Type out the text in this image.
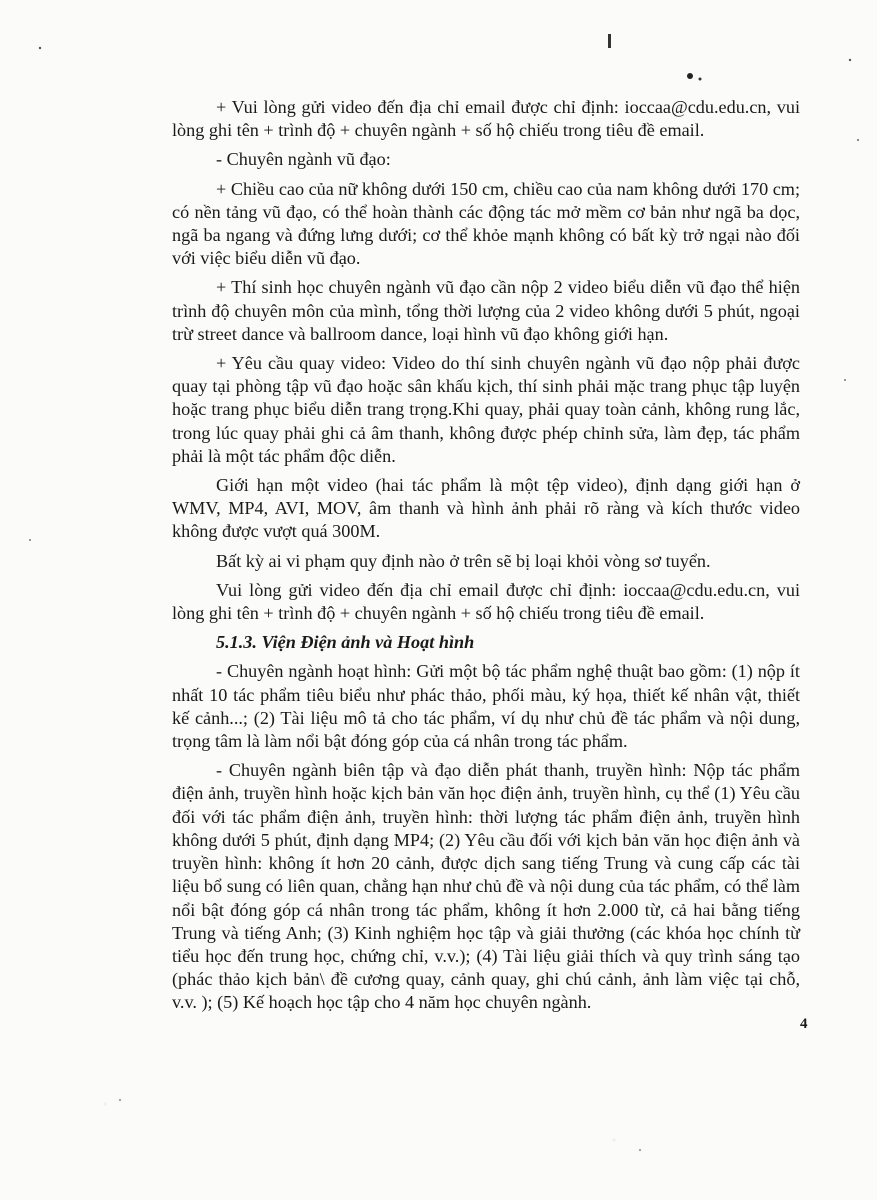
+ Vui lòng gửi video đến địa chỉ email được chỉ định: ioccaa@cdu.edu.cn, vui lòng ghi tên + trình độ + chuyên ngành + số hộ chiếu trong tiêu đề email.

- Chuyên ngành vũ đạo:

+ Chiều cao của nữ không dưới 150 cm, chiều cao của nam không dưới 170 cm; có nền tảng vũ đạo, có thể hoàn thành các động tác mở mềm cơ bản như ngã ba dọc, ngã ba ngang và đứng lưng dưới; cơ thể khỏe mạnh không có bất kỳ trở ngại nào đối với việc biểu diễn vũ đạo.

+ Thí sinh học chuyên ngành vũ đạo cần nộp 2 video biểu diễn vũ đạo thể hiện trình độ chuyên môn của mình, tổng thời lượng của 2 video không dưới 5 phút, ngoại trừ street dance và ballroom dance, loại hình vũ đạo không giới hạn.

+ Yêu cầu quay video: Video do thí sinh chuyên ngành vũ đạo nộp phải được quay tại phòng tập vũ đạo hoặc sân khấu kịch, thí sinh phải mặc trang phục tập luyện hoặc trang phục biểu diễn trang trọng.Khi quay, phải quay toàn cảnh, không rung lắc, trong lúc quay phải ghi cả âm thanh, không được phép chỉnh sửa, làm đẹp, tác phẩm phải là một tác phẩm độc diễn.

Giới hạn một video (hai tác phẩm là một tệp video), định dạng giới hạn ở WMV, MP4, AVI, MOV, âm thanh và hình ảnh phải rõ ràng và kích thước video không được vượt quá 300M.

Bất kỳ ai vi phạm quy định nào ở trên sẽ bị loại khỏi vòng sơ tuyển.

Vui lòng gửi video đến địa chỉ email được chỉ định: ioccaa@cdu.edu.cn, vui lòng ghi tên + trình độ + chuyên ngành + số hộ chiếu trong tiêu đề email.

5.1.3. Viện Điện ảnh và Hoạt hình

- Chuyên ngành hoạt hình: Gửi một bộ tác phẩm nghệ thuật bao gồm: (1) nộp ít nhất 10 tác phẩm tiêu biểu như phác thảo, phối màu, ký họa, thiết kế nhân vật, thiết kế cảnh...; (2) Tài liệu mô tả cho tác phẩm, ví dụ như chủ đề tác phẩm và nội dung, trọng tâm là làm nổi bật đóng góp của cá nhân trong tác phẩm.

- Chuyên ngành biên tập và đạo diễn phát thanh, truyền hình: Nộp tác phẩm điện ảnh, truyền hình hoặc kịch bản văn học điện ảnh, truyền hình, cụ thể (1) Yêu cầu đối với tác phẩm điện ảnh, truyền hình: thời lượng tác phẩm điện ảnh, truyền hình không dưới 5 phút, định dạng MP4; (2) Yêu cầu đối với kịch bản văn học điện ảnh và truyền hình: không ít hơn 20 cảnh, được dịch sang tiếng Trung và cung cấp các tài liệu bổ sung có liên quan, chẳng hạn như chủ đề và nội dung của tác phẩm, có thể làm nổi bật đóng góp cá nhân trong tác phẩm, không ít hơn 2.000 từ, cả hai bằng tiếng Trung và tiếng Anh; (3) Kinh nghiệm học tập và giải thưởng (các khóa học chính từ tiểu học đến trung học, chứng chỉ, v.v.); (4) Tài liệu giải thích và quy trình sáng tạo (phác thảo kịch bản\ đề cương quay, cảnh quay, ghi chú cảnh, ảnh làm việc tại chỗ, v.v. ); (5) Kế hoạch học tập cho 4 năm học chuyên ngành.

4
